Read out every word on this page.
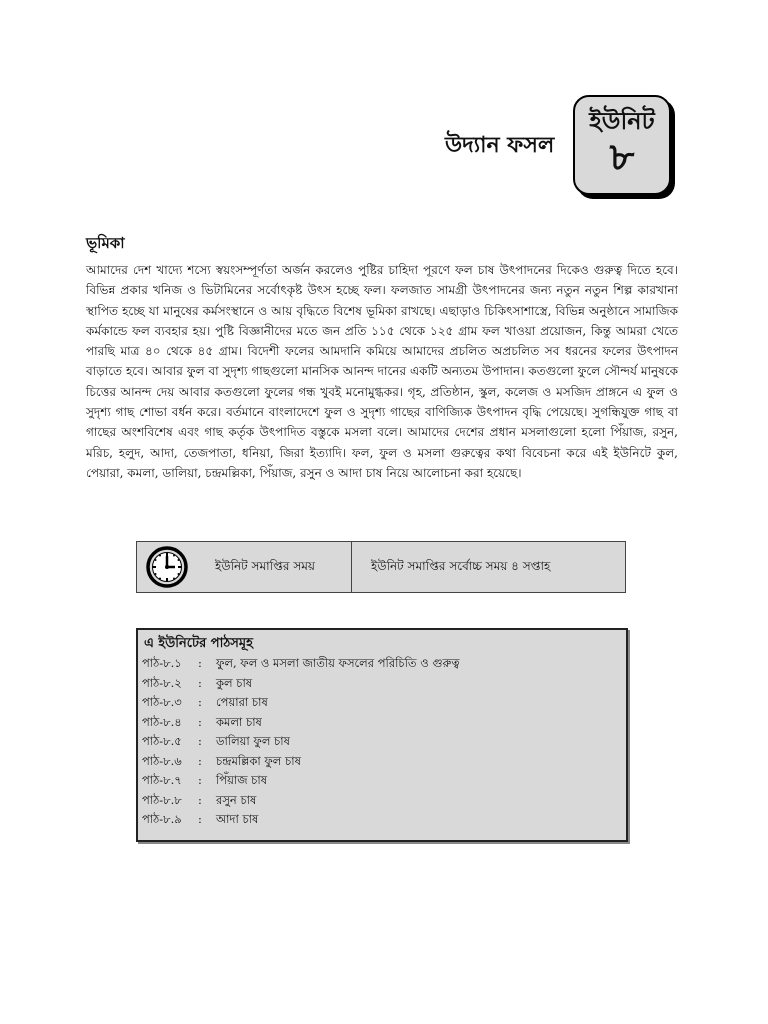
উদ্যান ফসল
ইউনিট
৮
ভূমিকা
আমাদের দেশ খাদ্যে শস্যে স্বয়ংসম্পূর্ণতা অর্জন করলেও পুষ্টির চাহিদা পূরণে ফল চাষ উৎপাদনের দিকেও গুরুত্ব দিতে হবে। বিভিন্ন প্রকার খনিজ ও ভিটামিনের সর্বোৎকৃষ্ট উৎস হচ্ছে ফল। ফলজাত সামগ্রী উৎপাদনের জন্য নতুন নতুন শিল্প কারখানা স্থাপিত হচ্ছে যা মানুষের কর্মসংস্থানে ও আয় বৃদ্ধিতে বিশেষ ভূমিকা রাখছে। এছাড়াও চিকিৎসাশাস্ত্রে, বিভিন্ন অনুষ্ঠানে সামাজিক কর্মকান্ডে ফল ব্যবহার হয়। পুষ্টি বিজ্ঞানীদের মতে জন প্রতি ১১৫ থেকে ১২৫ গ্রাম ফল খাওয়া প্রয়োজন, কিন্তু আমরা খেতে পারছি মাত্র ৪০ থেকে ৪৫ গ্রাম। বিদেশী ফলের আমদানি কমিয়ে আমাদের প্রচলিত অপ্রচলিত সব ধরনের ফলের উৎপাদন বাড়াতে হবে। আবার ফুল বা সুদৃশ্য গাছগুলো মানসিক আনন্দ দানের একটি অন্যতম উপাদান। কতগুলো ফুলে সৌন্দর্য মানুষকে চিত্তের আনন্দ দেয় আবার কতগুলো ফুলের গন্ধ খুবই মনোমুগ্ধকর। গৃহ, প্রতিষ্ঠান, স্কুল, কলেজ ও মসজিদ প্রাঙ্গনে এ ফুল ও সুদৃশ্য গাছ শোভা বর্ধন করে। বর্তমানে বাংলাদেশে ফুল ও সুদৃশ্য গাছের বাণিজ্যিক উৎপাদন বৃদ্ধি পেয়েছে। সুগন্ধিযুক্ত গাছ বা গাছের অংশবিশেষ এবং গাছ কর্তৃক উৎপাদিত বস্তুকে মসলা বলে। আমাদের দেশের প্রধান মসলাগুলো হলো পিঁয়াজ, রসুন, মরিচ, হলুদ, আদা, তেজপাতা, ধনিয়া, জিরা ইত্যাদি। ফল, ফুল ও মসলা গুরুত্বের কথা বিবেচনা করে এই ইউনিটে কুল, পেয়ারা, কমলা, ডালিয়া, চন্দ্রমল্লিকা, পিঁয়াজ, রসুন ও আদা চাষ নিয়ে আলোচনা করা হয়েছে।
ইউনিট সমাপ্তির সময়	ইউনিট সমাপ্তির সর্বোচ্চ সময় ৪ সপ্তাহ
এ ইউনিটের পাঠসমূহ
পাঠ-৮.১ : ফুল, ফল ও মসলা জাতীয় ফসলের পরিচিতি ও গুরুত্ব
পাঠ-৮.২ : কুল চাষ
পাঠ-৮.৩ : পেয়ারা চাষ
পাঠ-৮.৪ : কমলা চাষ
পাঠ-৮.৫ : ডালিয়া ফুল চাষ
পাঠ-৮.৬ : চন্দ্রমল্লিকা ফুল চাষ
পাঠ-৮.৭ : পিঁয়াজ চাষ
পাঠ-৮.৮ : রসুন চাষ
পাঠ-৮.৯ : আদা চাষ
